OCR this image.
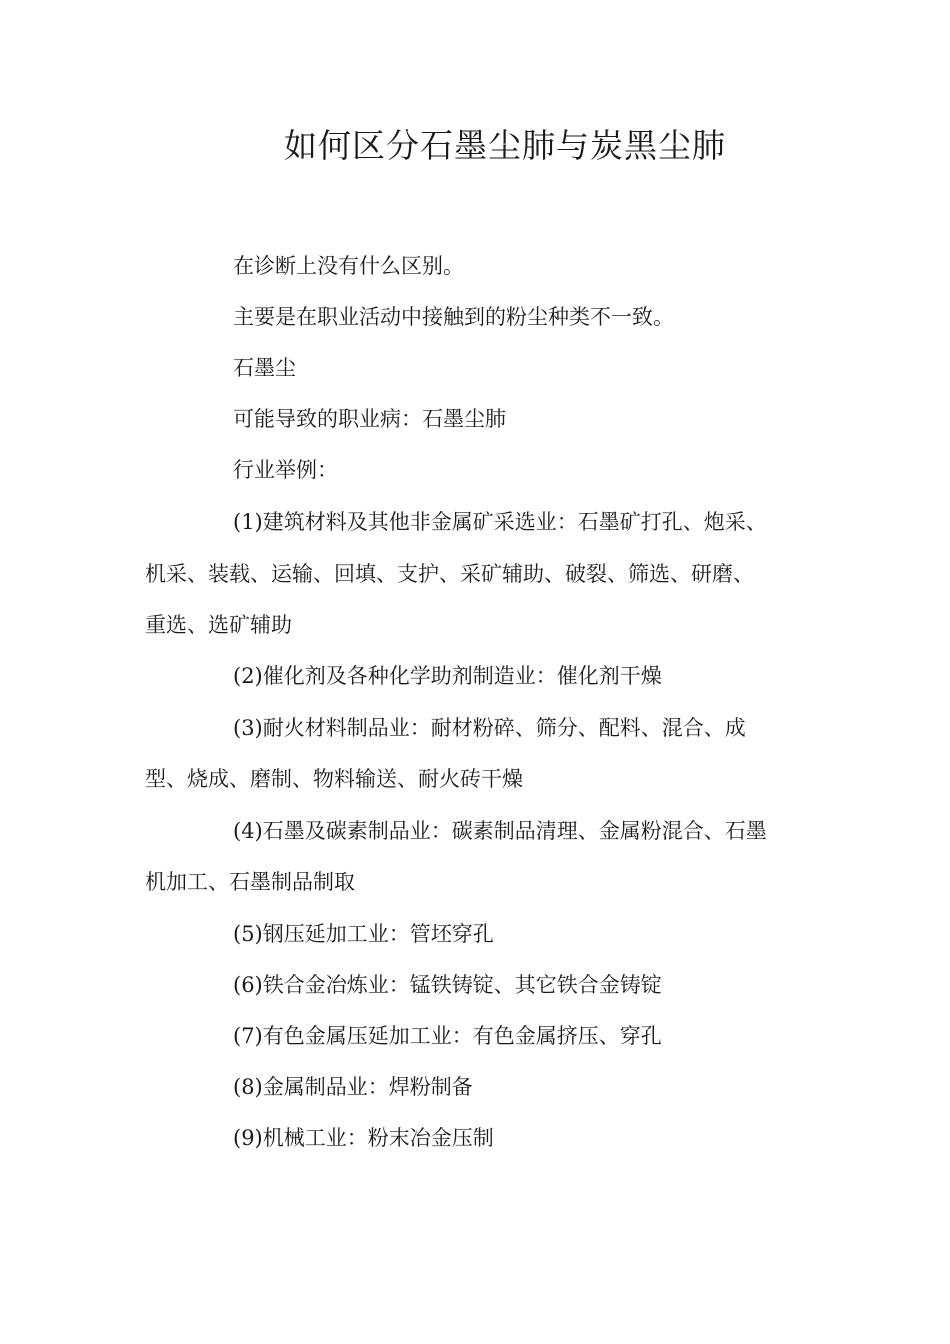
如何区分石墨尘肺与炭黑尘肺
在诊断上没有什么区别。
主要是在职业活动中接触到的粉尘种类不一致。
石墨尘
可能导致的职业病：石墨尘肺
行业举例：
(1)建筑材料及其他非金属矿采选业：石墨矿打孔、炮采、
机采、装载、运输、回填、支护、采矿辅助、破裂、筛选、研磨、
重选、选矿辅助
(2)催化剂及各种化学助剂制造业：催化剂干燥
(3)耐火材料制品业：耐材粉碎、筛分、配料、混合、成
型、烧成、磨制、物料输送、耐火砖干燥
(4)石墨及碳素制品业：碳素制品清理、金属粉混合、石墨
机加工、石墨制品制取
(5)钢压延加工业：管坯穿孔
(6)铁合金冶炼业：锰铁铸锭、其它铁合金铸锭
(7)有色金属压延加工业：有色金属挤压、穿孔
(8)金属制品业：焊粉制备
(9)机械工业：粉末冶金压制
